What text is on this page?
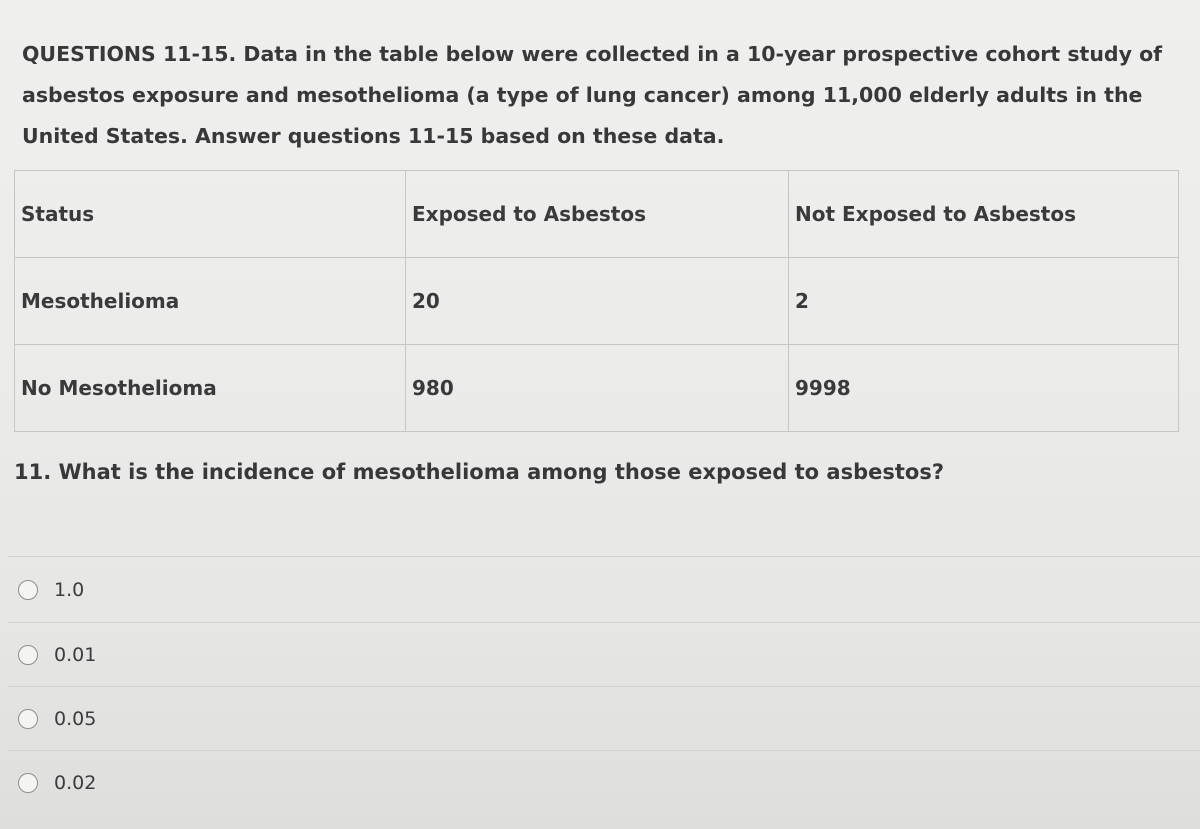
QUESTIONS 11-15. Data in the table below were collected in a 10-year prospective cohort study of asbestos exposure and mesothelioma (a type of lung cancer) among 11,000 elderly adults in the United States. Answer questions 11-15 based on these data.

Status	Exposed to Asbestos	Not Exposed to Asbestos
Mesothelioma	20	2
No Mesothelioma	980	9998

11. What is the incidence of mesothelioma among those exposed to asbestos?

1.0
0.01
0.05
0.02
